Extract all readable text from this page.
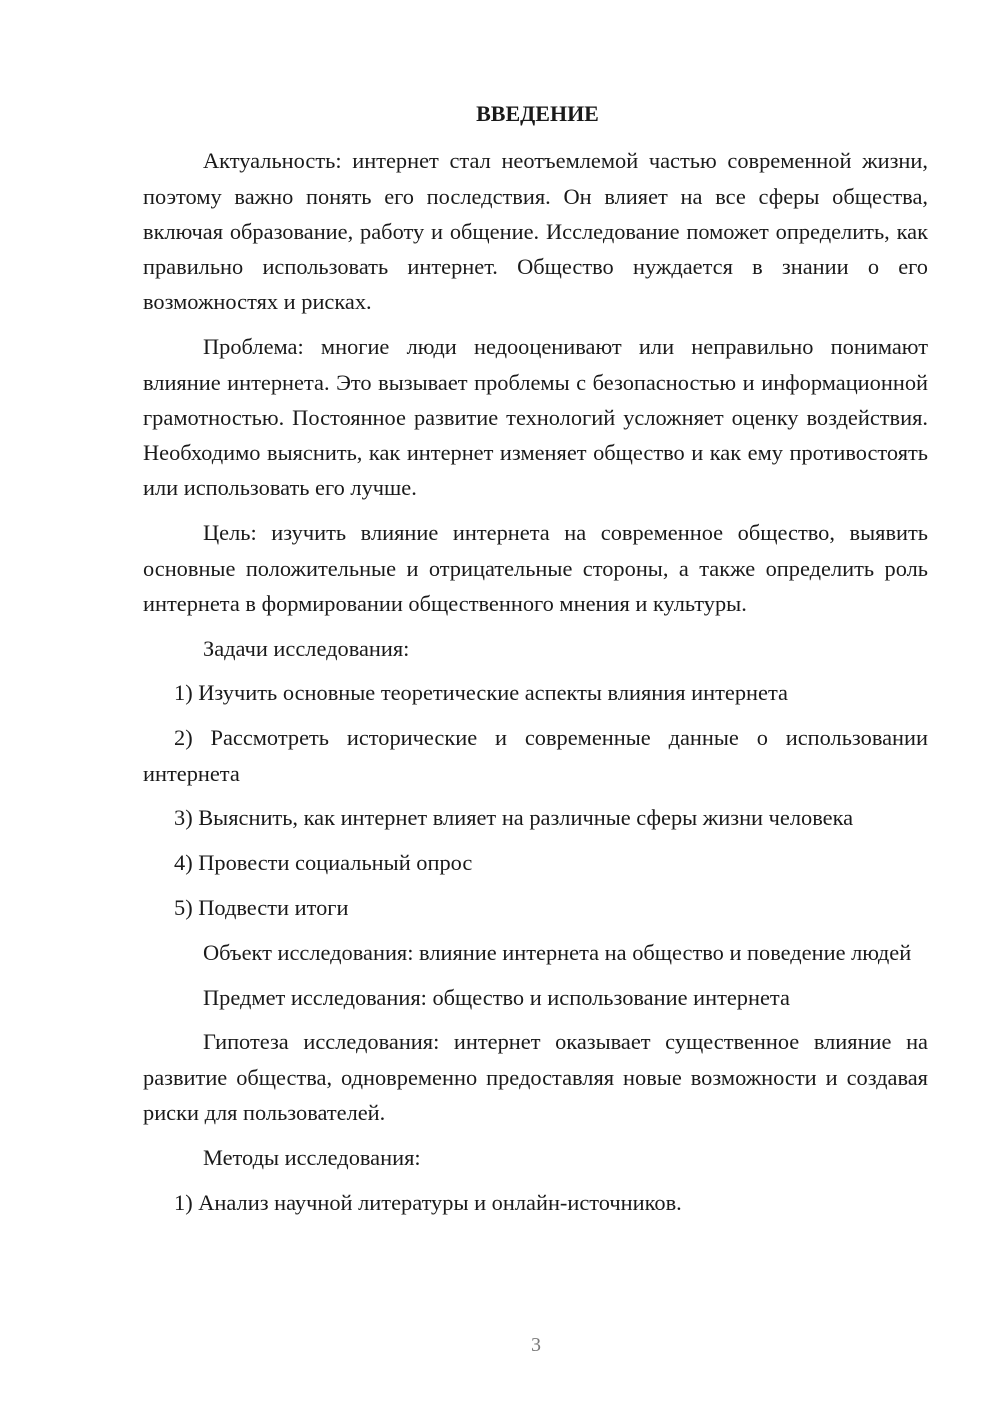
ВВЕДЕНИЕ

Актуальность: интернет стал неотъемлемой частью современной жизни, поэтому важно понять его последствия. Он влияет на все сферы общества, включая образование, работу и общение. Исследование поможет определить, как правильно использовать интернет. Общество нуждается в знании о его возможностях и рисках.

Проблема: многие люди недооценивают или неправильно понимают влияние интернета. Это вызывает проблемы с безопасностью и информационной грамотностью. Постоянное развитие технологий усложняет оценку воздействия. Необходимо выяснить, как интернет изменяет общество и как ему противостоять или использовать его лучше.

Цель: изучить влияние интернета на современное общество, выявить основные положительные и отрицательные стороны, а также определить роль интернета в формировании общественного мнения и культуры.

Задачи исследования:

1) Изучить основные теоретические аспекты влияния интернета

2) Рассмотреть исторические и современные данные о использовании интернета

3) Выяснить, как интернет влияет на различные сферы жизни человека

4) Провести социальный опрос

5) Подвести итоги

Объект исследования: влияние интернета на общество и поведение людей

Предмет исследования: общество и использование интернета

Гипотеза исследования: интернет оказывает существенное влияние на развитие общества, одновременно предоставляя новые возможности и создавая риски для пользователей.

Методы исследования:

1) Анализ научной литературы и онлайн-источников.

3
